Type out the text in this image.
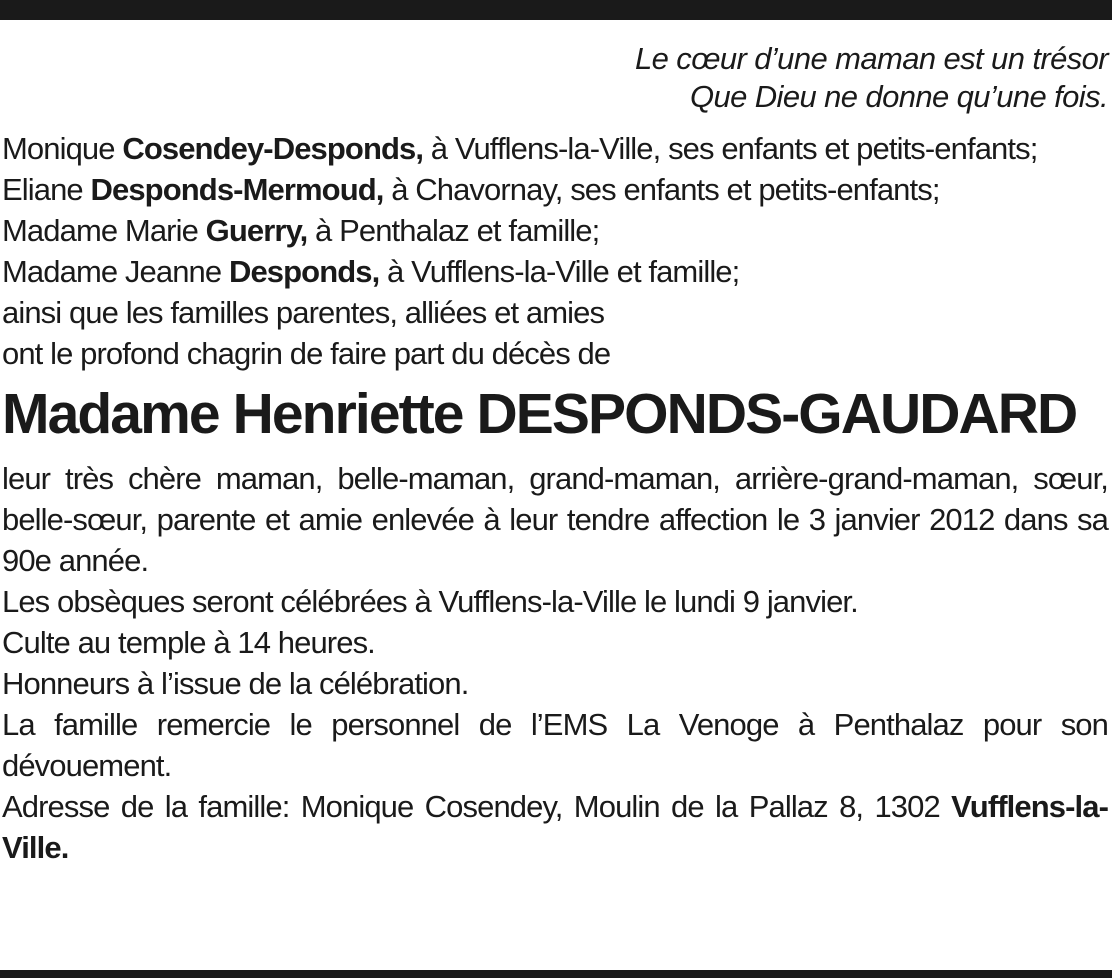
Le cœur d’une maman est un trésor
Que Dieu ne donne qu’une fois.

Monique Cosendey-Desponds, à Vufflens-la-Ville, ses enfants et petits-enfants;

Eliane Desponds-Mermoud, à Chavornay, ses enfants et petits-enfants;

Madame Marie Guerry, à Penthalaz et famille;

Madame Jeanne Desponds, à Vufflens-la-Ville et famille;

ainsi que les familles parentes, alliées et amies

ont le profond chagrin de faire part du décès de

Madame Henriette DESPONDS-GAUDARD

leur très chère maman, belle-maman, grand-maman, arrière-grand-maman, sœur, belle-sœur, parente et amie enlevée à leur tendre affection le 3 janvier 2012 dans sa 90e année.

Les obsèques seront célébrées à Vufflens-la-Ville le lundi 9 janvier.

Culte au temple à 14 heures.

Honneurs à l’issue de la célébration.

La famille remercie le personnel de l’EMS La Venoge à Penthalaz pour son dévouement.

Adresse de la famille: Monique Cosendey, Moulin de la Pallaz 8, 1302 Vufflens-la-Ville.
